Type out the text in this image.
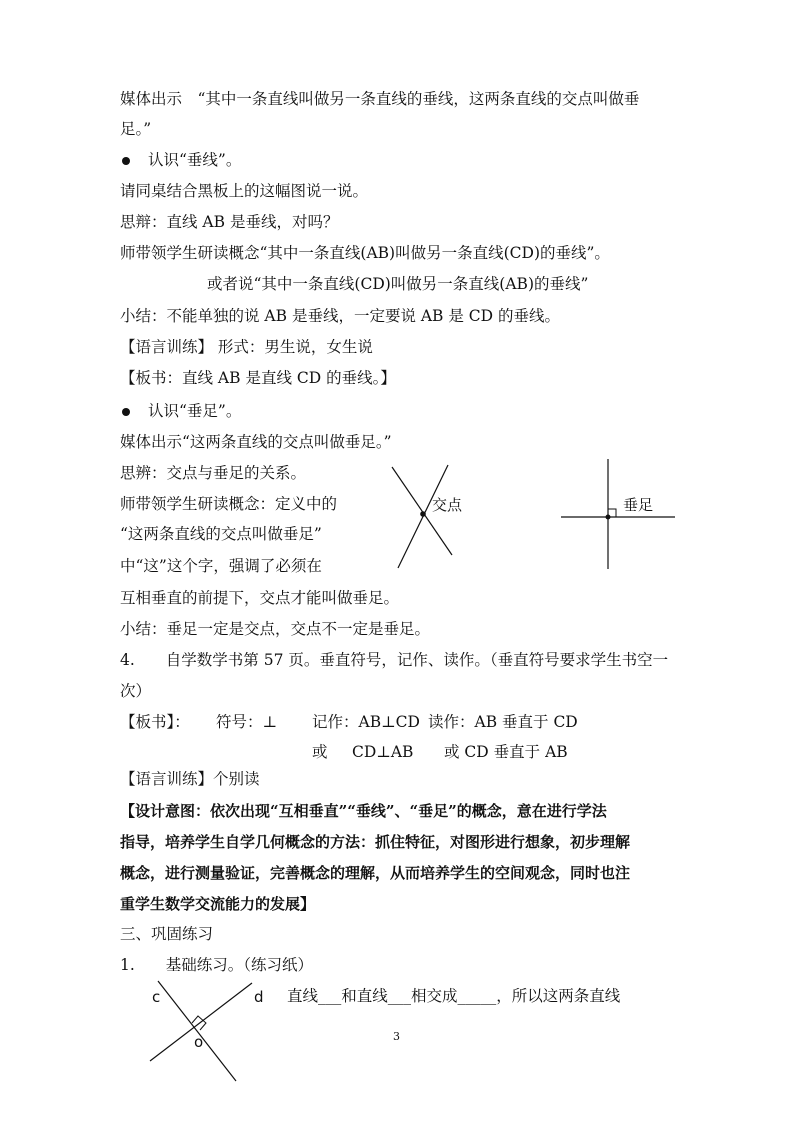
媒体出示　“其中一条直线叫做另一条直线的垂线，这两条直线的交点叫做垂
足。”
认识“垂线”。
请同桌结合黑板上的这幅图说一说。
思辩：直线 AB 是垂线，对吗？
师带领学生研读概念“其中一条直线(AB)叫做另一条直线(CD)的垂线”。
或者说“其中一条直线(CD)叫做另一条直线(AB)的垂线”
小结：不能单独的说 AB 是垂线，一定要说 AB 是 CD 的垂线。
【语言训练】 形式：男生说，女生说
【板书：直线 AB 是直线 CD 的垂线。】
认识“垂足”。
媒体出示“这两条直线的交点叫做垂足。”
思辨：交点与垂足的关系。
师带领学生研读概念：定义中的
“这两条直线的交点叫做垂足”
中“这”这个字，强调了必须在
互相垂直的前提下，交点才能叫做垂足。
小结：垂足一定是交点，交点不一定是垂足。
交点	垂足
4.　　自学数学书第 57 页。垂直符号，记作、读作。（垂直符号要求学生书空一
次）
【板书】： 符号：⊥ 记作：AB⊥CD 读作：AB 垂直于 CD
或 CD⊥AB 或 CD 垂直于 AB
【语言训练】个别读
【设计意图：依次出现“互相垂直”“垂线”、“垂足”的概念，意在进行学法
指导，培养学生自学几何概念的方法：抓住特征，对图形进行想象，初步理解
概念，进行测量验证，完善概念的理解，从而培养学生的空间观念，同时也注
重学生数学交流能力的发展】
三、巩固练习
1.　　基础练习。（练习纸）
c	d
o
直线___和直线___相交成_____，所以这两条直线
3
